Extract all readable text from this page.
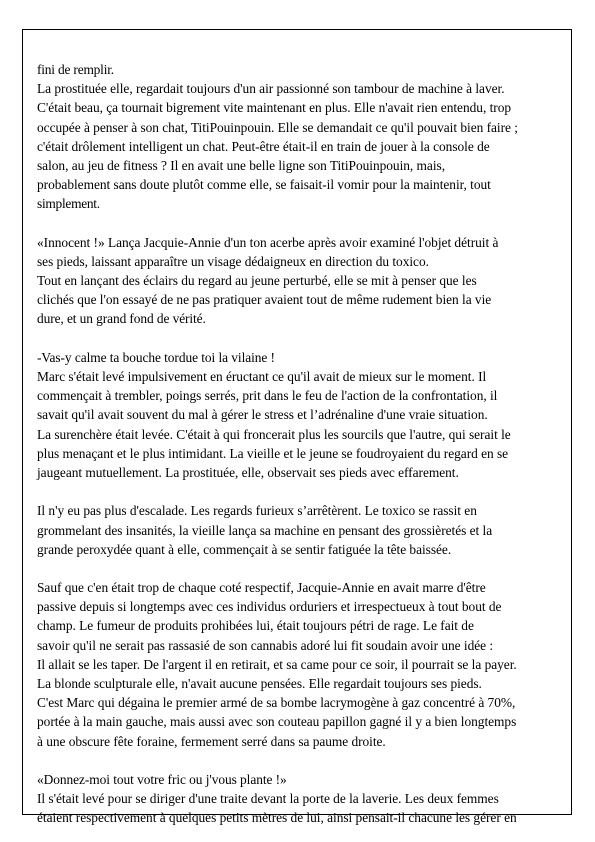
fini de remplir.
La prostituée elle, regardait toujours d'un air passionné son tambour de machine à laver.
C'était beau, ça tournait bigrement vite maintenant en plus. Elle n'avait rien entendu, trop
occupée à penser à son chat, TitiPouinpouin. Elle se demandait ce qu'il pouvait bien faire ;
c'était drôlement intelligent un chat. Peut-être était-il en train de jouer à la console de
salon, au jeu de fitness ? Il en avait une belle ligne son TitiPouinpouin, mais,
probablement sans doute plutôt comme elle, se faisait-il vomir pour la maintenir, tout
simplement.
«Innocent !» Lança Jacquie-Annie d'un ton acerbe après avoir examiné l'objet détruit à
ses pieds, laissant apparaître un visage dédaigneux en direction du toxico.
Tout en lançant des éclairs du regard au jeune perturbé, elle se mit à penser que les
clichés que l'on essayé de ne pas pratiquer avaient tout de même rudement bien la vie
dure, et un grand fond de vérité.
-Vas-y calme ta bouche tordue toi la vilaine !
Marc s'était levé impulsivement en éructant ce qu'il avait de mieux sur le moment. Il
commençait à trembler, poings serrés, prit dans le feu de l'action de la confrontation, il
savait qu'il avait souvent du mal à gérer le stress et l’adrénaline d'une vraie situation.
La surenchère était levée. C'était à qui froncerait plus les sourcils que l'autre, qui serait le
plus menaçant et le plus intimidant. La vieille et le jeune se foudroyaient du regard en se
jaugeant mutuellement. La prostituée, elle, observait ses pieds avec effarement.
Il n'y eu pas plus d'escalade. Les regards furieux s’arrêtèrent. Le toxico se rassit en
grommelant des insanités, la vieille lança sa machine en pensant des grossièretés et la
grande peroxydée quant à elle, commençait à se sentir fatiguée la tête baissée.
Sauf que c'en était trop de chaque coté respectif, Jacquie-Annie en avait marre d'être
passive depuis si longtemps avec ces individus orduriers et irrespectueux à tout bout de
champ. Le fumeur de produits prohibées lui, était toujours pétri de rage. Le fait de
savoir qu'il ne serait pas rassasié de son cannabis adoré lui fit soudain avoir une idée :
Il allait se les taper. De l'argent il en retirait, et sa came pour ce soir, il pourrait se la payer.
La blonde sculpturale elle, n'avait aucune pensées. Elle regardait toujours ses pieds.
C'est Marc qui dégaina le premier armé de sa bombe lacrymogène à gaz concentré à 70%,
portée à la main gauche, mais aussi avec son couteau papillon gagné il y a bien longtemps
à une obscure fête foraine, fermement serré dans sa paume droite.
«Donnez-moi tout votre fric ou j'vous plante !»
Il s'était levé pour se diriger d'une traite devant la porte de la laverie. Les deux femmes
étaient respectivement à quelques petits mètres de lui, ainsi pensait-il chacune les gérer en
